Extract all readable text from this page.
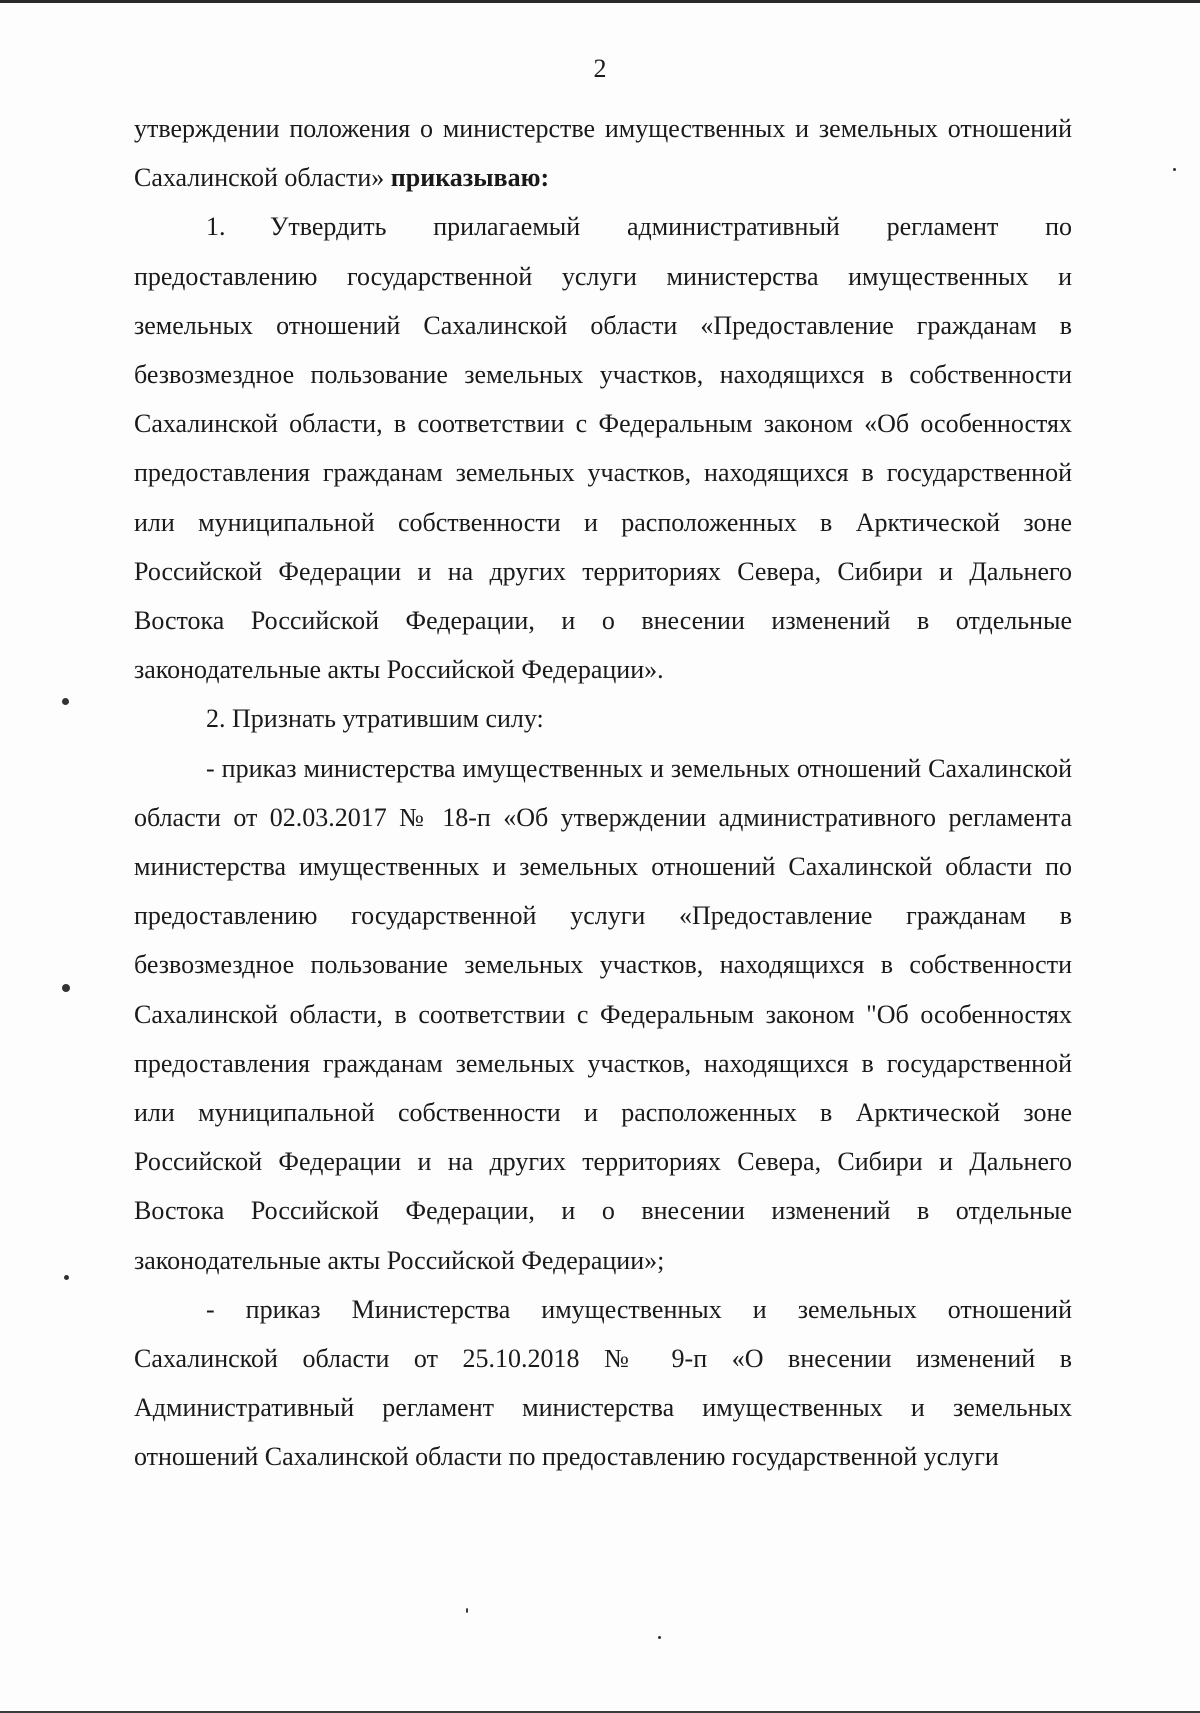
2

утверждении положения о министерстве имущественных и земельных отношений Сахалинской области» приказываю:

1. Утвердить прилагаемый административный регламент по предоставлению государственной услуги министерства имущественных и земельных отношений Сахалинской области «Предоставление гражданам в безвозмездное пользование земельных участков, находящихся в собственности Сахалинской области, в соответствии с Федеральным законом «Об особенностях предоставления гражданам земельных участков, находящихся в государственной или муниципальной собственности и расположенных в Арктической зоне Российской Федерации и на других территориях Севера, Сибири и Дальнего Востока Российской Федерации, и о внесении изменений в отдельные законодательные акты Российской Федерации».

2. Признать утратившим силу:

- приказ министерства имущественных и земельных отношений Сахалинской области от 02.03.2017 № 18-п «Об утверждении административного регламента министерства имущественных и земельных отношений Сахалинской области по предоставлению государственной услуги «Предоставление гражданам в безвозмездное пользование земельных участков, находящихся в собственности Сахалинской области, в соответствии с Федеральным законом "Об особенностях предоставления гражданам земельных участков, находящихся в государственной или муниципальной собственности и расположенных в Арктической зоне Российской Федерации и на других территориях Севера, Сибири и Дальнего Востока Российской Федерации, и о внесении изменений в отдельные законодательные акты Российской Федерации»;

- приказ Министерства имущественных и земельных отношений Сахалинской области от 25.10.2018 № 9-п «О внесении изменений в Административный регламент министерства имущественных и земельных отношений Сахалинской области по предоставлению государственной услуги
